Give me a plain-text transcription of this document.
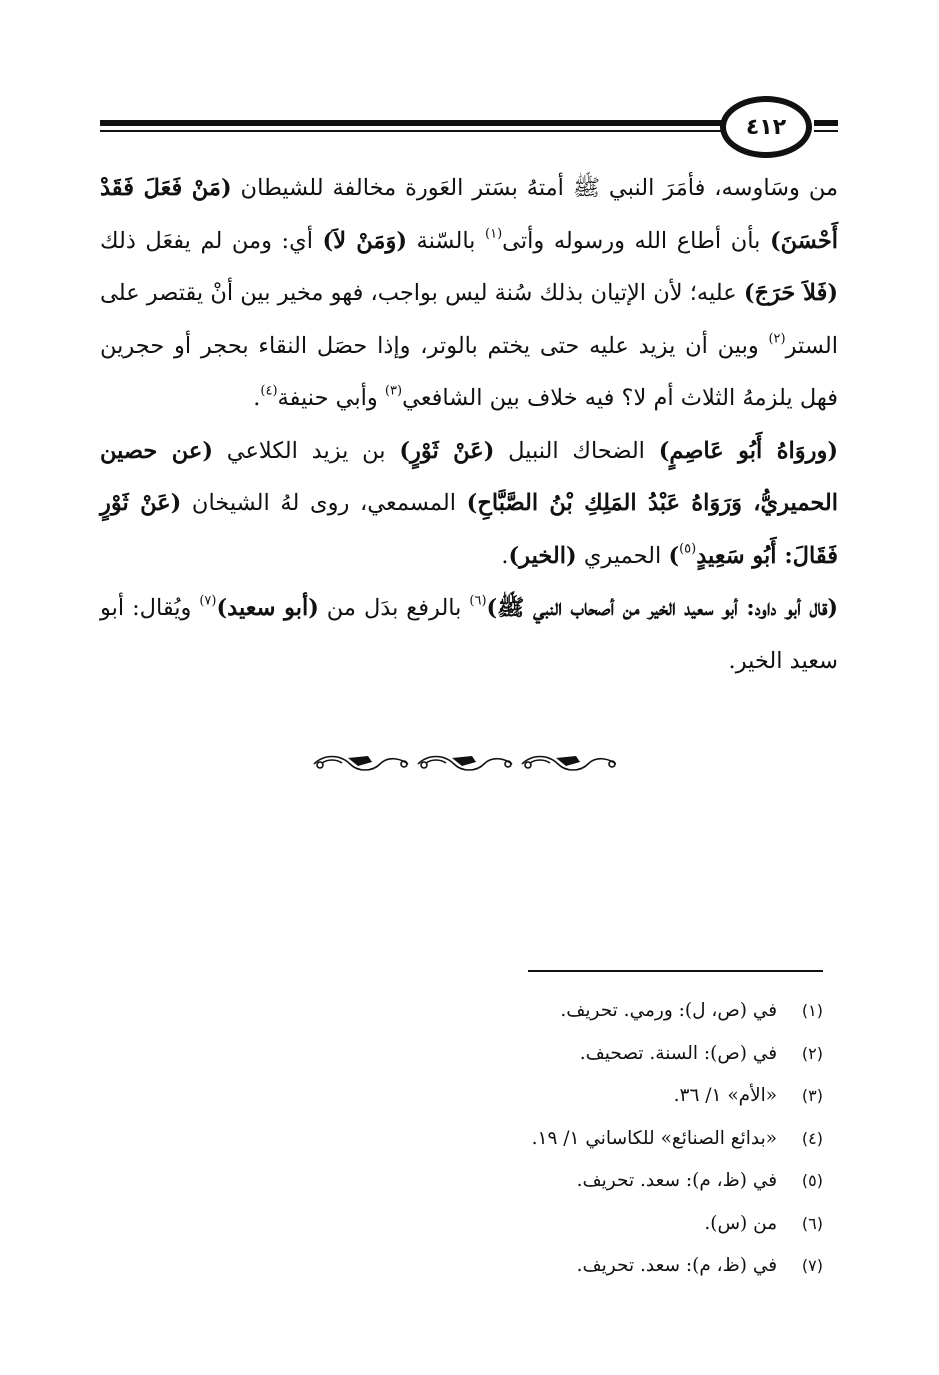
٤١٢

من وسَاوسه، فأمَرَ النبي ﷺ أمتهُ بسَتر العَورة مخالفة للشيطان (مَنْ فَعَلَ فَقَدْ أَحْسَنَ) بأن أطاع الله ورسوله وأتى$^{(١)}$ بالسّنة (وَمَنْ لاَ) أي: ومن لم يفعَل ذلك (فَلاَ حَرَجَ) عليه؛ لأن الإتيان بذلك سُنة ليس بواجب، فهو مخير بين أنْ يقتصر على الستر$^{(٢)}$ وبين أن يزيد عليه حتى يختم بالوتر، وإذا حصَل النقاء بحجر أو حجرين فهل يلزمهُ الثلاث أم لا؟ فيه خلاف بين الشافعي$^{(٣)}$ وأبي حنيفة$^{(٤)}$.

(وروَاهُ أَبُو عَاصِمٍ) الضحاك النبيل (عَنْ ثَوْرٍ) بن يزيد الكلاعي (عن حصين الحميريُّ، وَرَوَاهُ عَبْدُ المَلِكِ بْنُ الصَّبَّاحِ) المسمعي، روى لهُ الشيخان (عَنْ ثَوْرٍ فَقَالَ: أَبُو سَعِيدٍ$^{(٥)}$) الحميري (الخير).

(قال أبو داود: أبو سعيد الخير من أصحاب النبي ﷺ)$^{(٦)}$ بالرفع بدَل من (أبو سعيد)$^{(٧)}$ ويُقال: أبو سعيد الخير.

(١) في (ص، ل): ورمي. تحريف.
(٢) في (ص): السنة. تصحيف.
(٣) «الأم» ١/ ٣٦.
(٤) «بدائع الصنائع» للكاساني ١/ ١٩.
(٥) في (ظ، م): سعد. تحريف.
(٦) من (س).
(٧) في (ظ، م): سعد. تحريف.
